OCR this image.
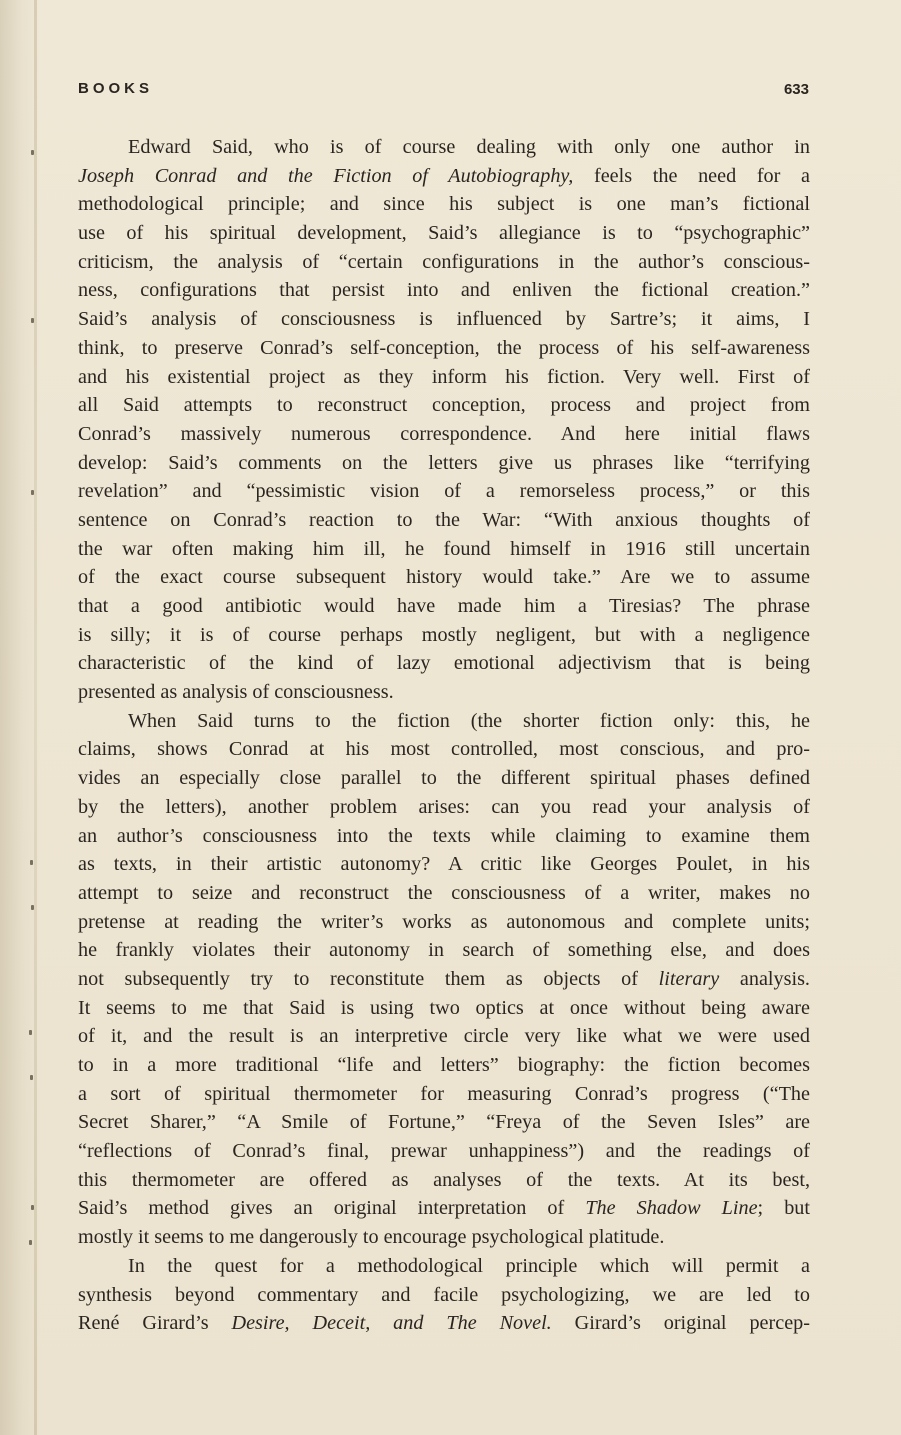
BOOKS	633
Edward Said, who is of course dealing with only one author in
Joseph Conrad and the Fiction of Autobiography, feels the need for a
methodological principle; and since his subject is one man’s fictional
use of his spiritual development, Said’s allegiance is to “psychographic”
criticism, the analysis of “certain configurations in the author’s conscious-
ness, configurations that persist into and enliven the fictional creation.”
Said’s analysis of consciousness is influenced by Sartre’s; it aims, I
think, to preserve Conrad’s self-conception, the process of his self-awareness
and his existential project as they inform his fiction. Very well. First of
all Said attempts to reconstruct conception, process and project from
Conrad’s massively numerous correspondence. And here initial flaws
develop: Said’s comments on the letters give us phrases like “terrifying
revelation” and “pessimistic vision of a remorseless process,” or this
sentence on Conrad’s reaction to the War: “With anxious thoughts of
the war often making him ill, he found himself in 1916 still uncertain
of the exact course subsequent history would take.” Are we to assume
that a good antibiotic would have made him a Tiresias? The phrase
is silly; it is of course perhaps mostly negligent, but with a negligence
characteristic of the kind of lazy emotional adjectivism that is being
presented as analysis of consciousness.
When Said turns to the fiction (the shorter fiction only: this, he
claims, shows Conrad at his most controlled, most conscious, and pro-
vides an especially close parallel to the different spiritual phases defined
by the letters), another problem arises: can you read your analysis of
an author’s consciousness into the texts while claiming to examine them
as texts, in their artistic autonomy? A critic like Georges Poulet, in his
attempt to seize and reconstruct the consciousness of a writer, makes no
pretense at reading the writer’s works as autonomous and complete units;
he frankly violates their autonomy in search of something else, and does
not subsequently try to reconstitute them as objects of literary analysis.
It seems to me that Said is using two optics at once without being aware
of it, and the result is an interpretive circle very like what we were used
to in a more traditional “life and letters” biography: the fiction becomes
a sort of spiritual thermometer for measuring Conrad’s progress (“The
Secret Sharer,” “A Smile of Fortune,” “Freya of the Seven Isles” are
“reflections of Conrad’s final, prewar unhappiness”) and the readings of
this thermometer are offered as analyses of the texts. At its best,
Said’s method gives an original interpretation of The Shadow Line; but
mostly it seems to me dangerously to encourage psychological platitude.
In the quest for a methodological principle which will permit a
synthesis beyond commentary and facile psychologizing, we are led to
René Girard’s Desire, Deceit, and The Novel. Girard’s original percep-
